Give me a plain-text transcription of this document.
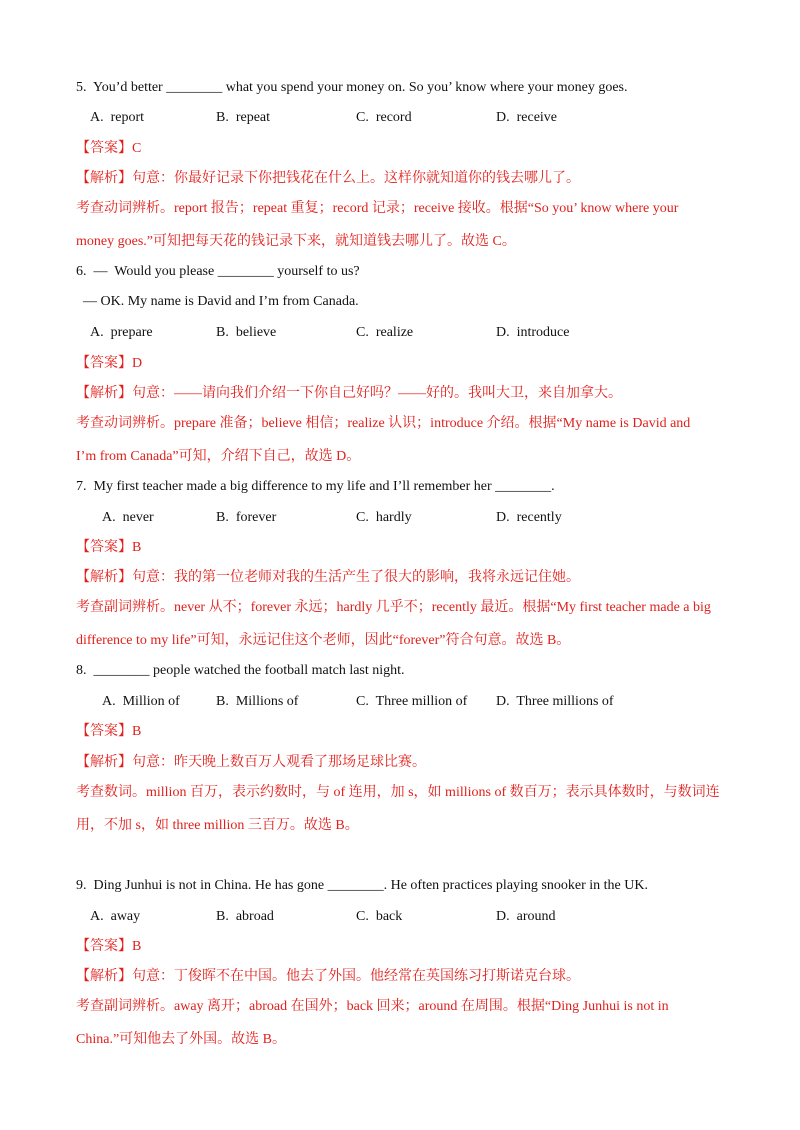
5.  You’d better ________ what you spend your money on. So you’ know where your money goes.
A.  report	B.  repeat	C.  record	D.  receive
【答案】C
【解析】句意：你最好记录下你把钱花在什么上。这样你就知道你的钱去哪儿了。
考查动词辨析。report 报告；repeat 重复；record 记录；receive 接收。根据“So you’ know where your
money goes.”可知把每天花的钱记录下来，就知道钱去哪儿了。故选 C。
6.  —  Would you please ________ yourself to us?
— OK. My name is David and I’m from Canada.
A.  prepare	B.  believe	C.  realize	D.  introduce
【答案】D
【解析】句意：——请向我们介绍一下你自己好吗？——好的。我叫大卫，来自加拿大。
考查动词辨析。prepare 准备；believe 相信；realize 认识；introduce 介绍。根据“My name is David and
I’m from Canada”可知，介绍下自己，故选 D。
7.  My first teacher made a big difference to my life and I’ll remember her ________.
A.  never	B.  forever	C.  hardly	D.  recently
【答案】B
【解析】句意：我的第一位老师对我的生活产生了很大的影响，我将永远记住她。
考查副词辨析。never 从不；forever 永远；hardly 几乎不；recently 最近。根据“My first teacher made a big
difference to my life”可知，永远记住这个老师，因此“forever”符合句意。故选 B。
8.  ________ people watched the football match last night.
A.  Million of	B.  Millions of	C.  Three million of D.  Three millions of
【答案】B
【解析】句意：昨天晚上数百万人观看了那场足球比赛。
考查数词。million 百万，表示约数时，与 of 连用，加 s，如 millions of 数百万；表示具体数时，与数词连
用，不加 s，如 three million 三百万。故选 B。
9.  Ding Junhui is not in China. He has gone ________. He often practices playing snooker in the UK.
A.  away	B.  abroad	C.  back	D.  around
【答案】B
【解析】句意：丁俊晖不在中国。他去了外国。他经常在英国练习打斯诺克台球。
考查副词辨析。away 离开；abroad 在国外；back 回来；around 在周围。根据“Ding Junhui is not in
China.”可知他去了外国。故选 B。
